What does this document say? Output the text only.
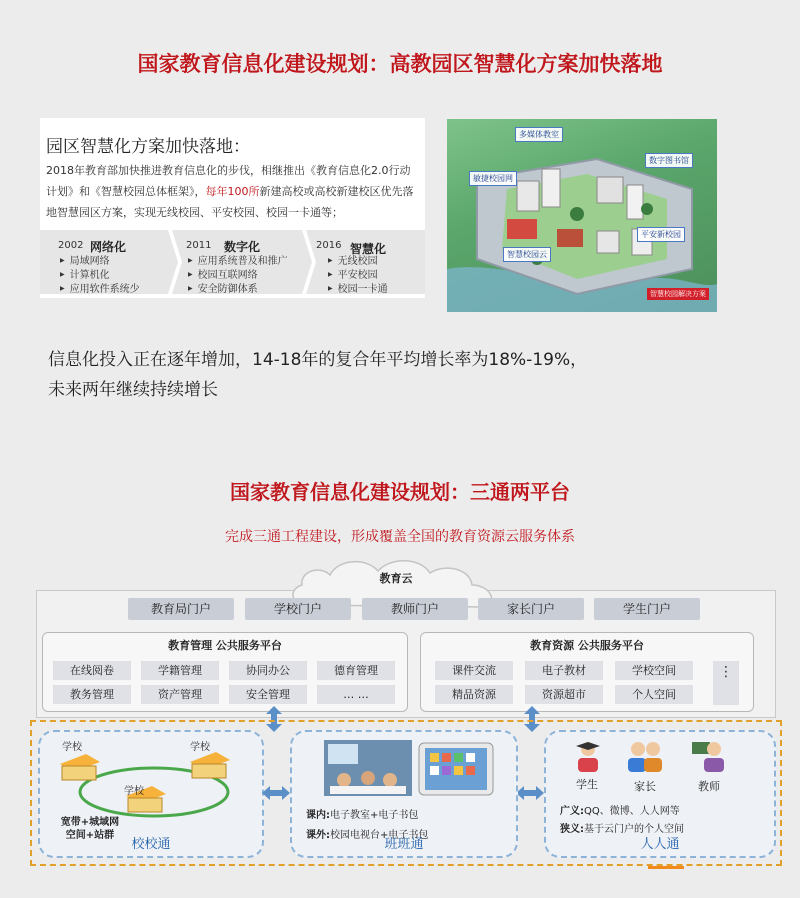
国家教育信息化建设规划：高教园区智慧化方案加快落地
园区智慧化方案加快落地：
2018年教育部加快推进教育信息化的步伐，相继推出《教育信息化2.0行动计划》和《智慧校园总体框架》，每年100所新建高校或高校新建校区优先落地智慧园区方案，实现无线校园、平安校园、校园一卡通等；
2002 网络化
▶ 局域网络
▶ 计算机化
▶ 应用软件系统少
2011 数字化
▶ 应用系统普及和推广
▶ 校园互联网络
▶ 安全防御体系
2016 智慧化
▶ 无线校园
▶ 平安校园
▶ 校园一卡通
多媒体教室
敏捷校园网
数字图书馆
智慧校园云
平安新校园
智慧校园解决方案
信息化投入正在逐年增加，14-18年的复合年平均增长率为18%-19%，
未来两年继续持续增长
国家教育信息化建设规划：三通两平台
完成三通工程建设，形成覆盖全国的教育资源云服务体系
教育云
教育局门户	学校门户	教师门户	家长门户	学生门户
教育管理 公共服务平台
在线阅卷	学籍管理	协同办公	德育管理
教务管理	资产管理	安全管理	… …
教育资源 公共服务平台
课件交流	电子教材	学校空间
精品资源	资源超市	个人空间
⋮
学校	学校
学校
宽带+城域网
空间+站群
校校通
课内:电子教室+电子书包
课外:校园电视台+电子书包
班班通
学生	家长	教师
广义:QQ、微博、人人网等
狭义:基于云门户的个人空间
人人通
